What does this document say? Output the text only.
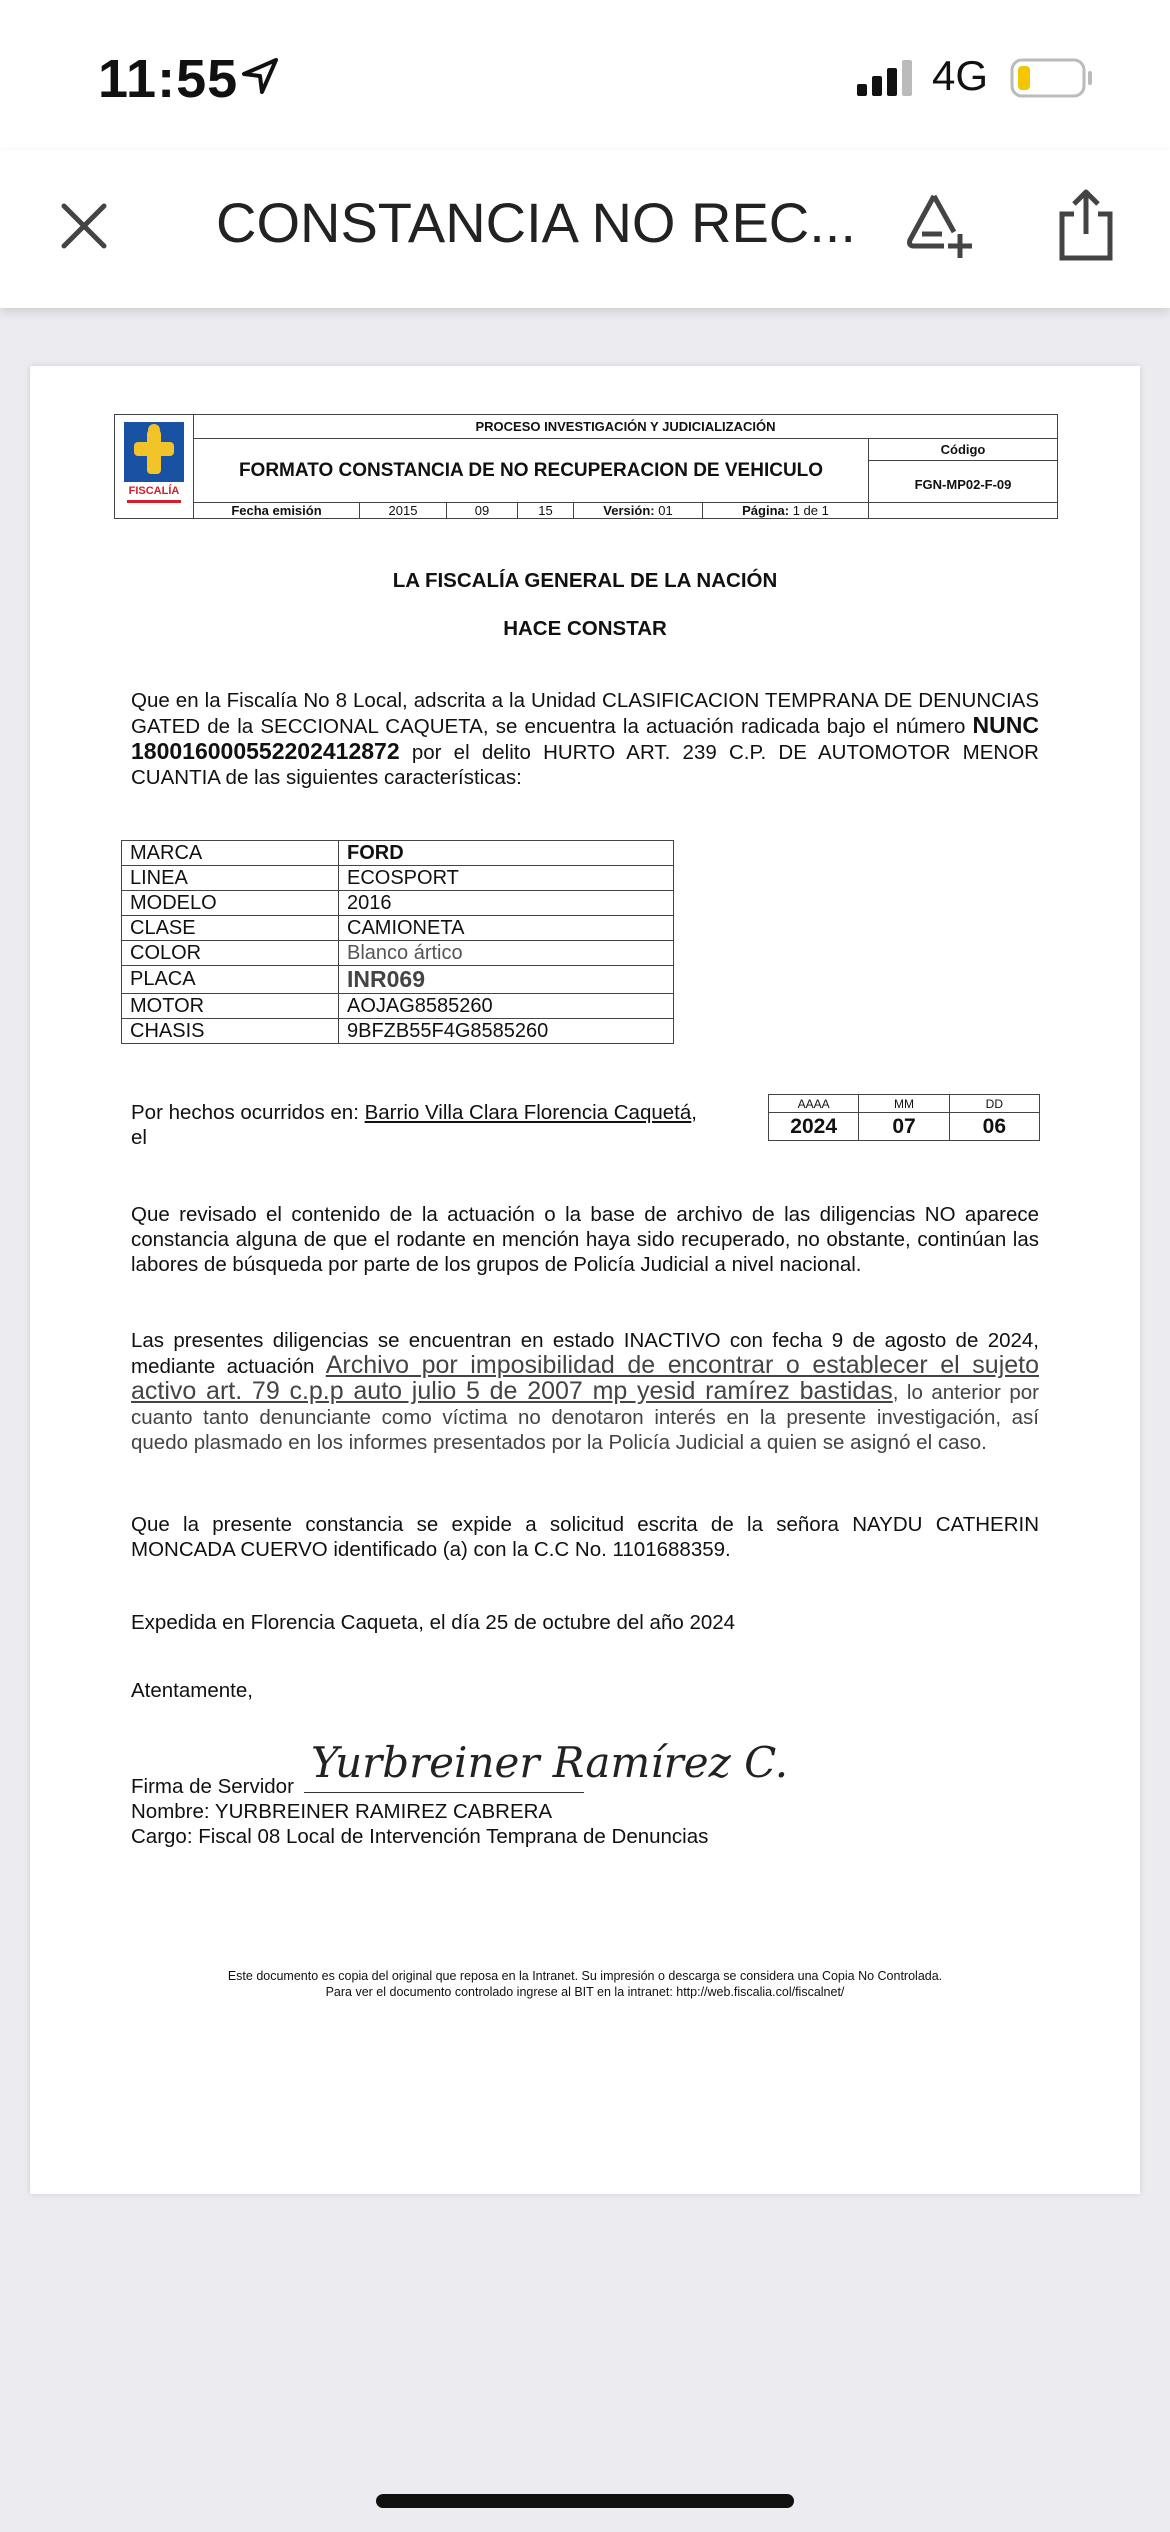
11:55	4G
CONSTANCIA NO REC...
FISCALÍA	PROCESO INVESTIGACIÓN Y JUDICIALIZACIÓN						
	FORMATO CONSTANCIA DE NO RECUPERACION DE VEHICULO						Código
FGN-MP02-F-09

	Fecha emisión	2015	09	15	Versión: 01	Página: 1 de 1	
LA FISCALÍA GENERAL DE LA NACIÓN
HACE CONSTAR
Que en la Fiscalía No 8 Local, adscrita a la Unidad CLASIFICACION TEMPRANA DE DENUNCIAS GATED de la SECCIONAL CAQUETA, se encuentra la actuación radicada bajo el número NUNC 180016000552202412872 por el delito HURTO ART. 239 C.P. DE AUTOMOTOR MENOR CUANTIA de las siguientes características:
MARCA	FORD
LINEA	ECOSPORT
MODELO	2016
CLASE	CAMIONETA
COLOR	Blanco ártico
PLACA	INR069
MOTOR	AOJAG8585260
CHASIS	9BFZB55F4G8585260
Por hechos ocurridos en: Barrio Villa Clara Florencia Caquetá,
el
AAAA	MM	DD
2024	07	06
Que revisado el contenido de la actuación o la base de archivo de las diligencias NO aparece constancia alguna de que el rodante en mención haya sido recuperado, no obstante, continúan las labores de búsqueda por parte de los grupos de Policía Judicial a nivel nacional.
Las presentes diligencias se encuentran en estado INACTIVO con fecha 9 de agosto de 2024, mediante actuación Archivo por imposibilidad de encontrar o establecer el sujeto activo art. 79 c.p.p auto julio 5 de 2007 mp yesid ramírez bastidas, lo anterior por cuanto tanto denunciante como víctima no denotaron interés en la presente investigación, así quedo plasmado en los informes presentados por la Policía Judicial a quien se asignó el caso.
Que la presente constancia se expide a solicitud escrita de la señora NAYDU CATHERIN MONCADA CUERVO identificado (a) con la C.C No. 1101688359.
Expedida en Florencia Caqueta, el día 25 de octubre del año 2024
Atentamente,
Firma de Servidor Yurbreiner Ramírez C.

Nombre: YURBREINER RAMIREZ CABRERA
Cargo: Fiscal 08 Local de Intervención Temprana de Denuncias
Este documento es copia del original que reposa en la Intranet. Su impresión o descarga se considera una Copia No Controlada.
Para ver el documento controlado ingrese al BIT en la intranet: http://web.fiscalia.col/fiscalnet/
